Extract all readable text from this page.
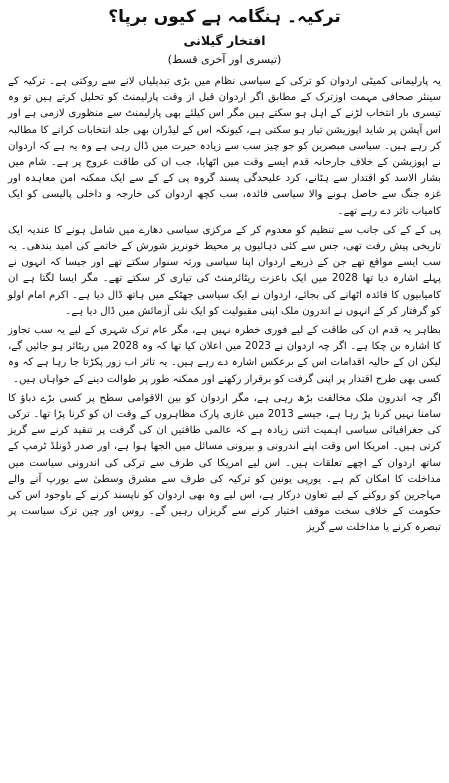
ترکیہ۔ ہنگامہ ہے کیوں برپا؟
افتخار گیلانی
(تیسری اور آخری قسط)

یہ پارلیمانی کمیٹی اردوان کو ترکی کے سیاسی نظام میں بڑی تبدیلیاں لانے سے روکتی ہے۔ ترکیہ کے سینئر صحافی مہمت اوزترک کے مطابق اگر اردوان قبل از وقت پارلیمنٹ کو تحلیل کرتے ہیں تو وہ تیسری بار انتخاب لڑنے کے اہل ہو سکتے ہیں مگر اس کیلئے بھی پارلیمنٹ سے منظوری لازمی ہے اور اس آپشن پر شاید اپوزیشن تیار ہو سکتی ہے، کیونکہ اس کے لیڈران بھی جلد انتخابات کرانے کا مطالبہ کر رہے ہیں۔ سیاسی مبصرین کو جو چیز سب سے زیادہ حیرت میں ڈال رہی ہے وہ یہ ہے کہ اردوان نے اپوزیشن کے خلاف جارحانہ قدم ایسے وقت میں اٹھایا، جب ان کی طاقت عروج پر ہے۔ شام میں بشار الاسد کو اقتدار سے ہٹانے، کرد علیحدگی پسند گروہ پی کے کے سے ایک ممکنہ امن معاہدہ اور غزہ جنگ سے حاصل ہونے والا سیاسی فائدہ، سب کچھ اردوان کی خارجہ و داخلی پالیسی کو ایک کامیاب تاثر دے رہے تھے۔

پی کے کے کی جانب سے تنظیم کو معدوم کر کے مرکزی سیاسی دھارے میں شامل ہونے کا عندیہ ایک تاریخی پیش رفت تھی، جس سے کئی دہائیوں پر محیط خونریز شورش کے خاتمے کی امید بندھی۔ یہ سب ایسے مواقع تھے جن کے ذریعے اردوان اپنا سیاسی ورثہ سنوار سکتے تھے اور جیسا کہ انہوں نے پہلے اشارہ دیا تھا 2028 میں ایک باعزت ریٹائرمنٹ کی تیاری کر سکتے تھے۔ مگر ایسا لگتا ہے ان کامیابیوں کا فائدہ اٹھانے کی بجائے، اردوان نے ایک سیاسی جھٹکے میں ہاتھ ڈال دیا ہے۔ اکرم امام اولو کو گرفتار کر کے انہوں نے اندرون ملک اپنی مقبولیت کو ایک نئی آزمائش میں ڈال دیا ہے۔

بظاہر یہ قدم ان کی طاقت کے لیے فوری خطرہ نہیں ہے، مگر عام ترک شہری کے لیے یہ سب تجاوز کا اشارہ بن چکا ہے۔ اگر چہ اردوان نے 2023 میں اعلان کیا تھا کہ وہ 2028 میں ریٹائر ہو جائیں گے، لیکن ان کے حالیہ اقدامات اس کے برعکس اشارہ دے رہے ہیں۔ یہ تاثر اب زور پکڑتا جا رہا ہے کہ وہ کسی بھی طرح اقتدار پر اپنی گرفت کو برقرار رکھنے اور ممکنہ طور پر طوالت دینے کے خواہاں ہیں۔

اگر چہ اندرون ملک مخالفت بڑھ رہی ہے، مگر اردوان کو بین الاقوامی سطح پر کسی بڑے دباؤ کا سامنا نہیں کرنا پڑ رہا ہے، جیسے 2013 میں غازی پارک مظاہروں کے وقت ان کو کرنا پڑا تھا۔ ترکی کی جغرافیائی سیاسی اہمیت اتنی زیادہ ہے کہ عالمی طاقتیں ان کی گرفت پر تنقید کرنے سے گریز کرتی ہیں۔ امریکا اس وقت اپنے اندرونی و بیرونی مسائل میں الجھا ہوا ہے، اور صدر ڈونلڈ ٹرمپ کے ساتھ اردوان کے اچھے تعلقات ہیں۔ اس لیے امریکا کی طرف سے ترکی کی اندرونی سیاست میں مداخلت کا امکان کم ہے۔ یورپی یونین کو ترکیہ کی طرف سے مشرق وسطیٰ سے یورپ آنے والے مہاجرین کو روکنے کے لیے تعاون درکار ہے، اس لیے وہ بھی اردوان کو ناپسند کرنے کے باوجود اس کی حکومت کے خلاف سخت موقف اختیار کرنے سے گریزاں رہیں گے۔ روس اور چین ترک سیاست پر تبصرہ کرنے یا مداخلت سے گریز
